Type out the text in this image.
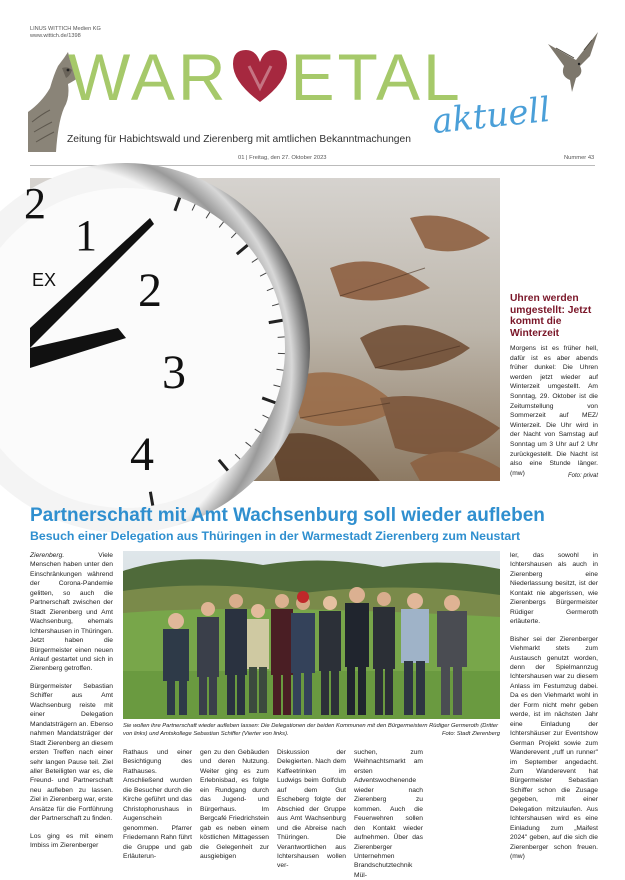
LINUS WITTICH Medien KG
www.wittich.de/1398
WAR ETAL
aktuell
Zeitung für Habichtswald und Zierenberg mit amtlichen Bekanntmachungen
01 | Freitag, den 27. Oktober 2023	Nummer 43
1
2
3
4
2
EX
Uhren werden umgestellt: Jetzt kommt die Winterzeit
Morgens ist es früher hell, dafür ist es aber abends früher dunkel: Die Uhren werden jetzt wieder auf Winterzeit umgestellt. Am Sonntag, 29. Oktober ist die Zeitumstellung von Sommerzeit auf MEZ/ Winterzeit. Die Uhr wird in der Nacht von Samstag auf Sonntag um 3 Uhr auf 2 Uhr zurückgestellt. Die Nacht ist also eine Stunde länger. (mw)	Foto: privat
Partnerschaft mit Amt Wachsenburg soll wieder aufleben
Besuch einer Delegation aus Thüringen in der Warmestadt Zierenberg zum Neustart

Zierenberg.	Viele Menschen haben unter den Einschränkungen während der Corona-Pandemie gelitten, so auch die Partnerschaft zwischen der Stadt Zierenberg und Amt Wachsenburg, ehemals Ichtershausen in Thüringen. Jetzt haben die Bürgermeister einen neuen Anlauf gestartet und sich in Zierenberg getroffen.

Bürgermeister Sebastian Schiffer aus Amt Wachsenburg reiste mit einer Delegation Mandatsträgern an. Ebenso nahmen Mandatsträger der Stadt Zierenberg an diesem ersten Treffen nach einer sehr langen Pause teil. Ziel aller Beteiligten war es, die Freund- und Partnerschaft neu aufleben zu lassen. Ziel in Zierenberg war, erste Ansätze für die Fortführung der Partnerschaft zu finden.

Los ging es mit einem Imbiss im Zierenberger

Sie wollen ihre Partnerschaft wieder aufleben lassen: Die Delegationen der beiden Kommunen mit den Bürgermeistern Rüdiger Germeroth (Dritter von links) und Amtskollege Sebastian Schiffer (Vierter von links).	Foto: Stadt Zierenberg
Rathaus und einer Besichtigung des Rathauses. Anschließend wurden die Besucher durch die Kirche geführt und das Christophorushaus in Augenschein genommen. Pfarrer Friedemann Rahn führt die Gruppe und gab Erläuterun-
gen zu den Gebäuden und deren Nutzung. Weiter ging es zum Erlebnisbad, es folgte ein Rundgang durch das Jugend- und Bürgerhaus. Im Bergcafé Friedrichstein gab es neben einem köstlichen Mittagessen die Gelegenheit zur ausgiebigen
Diskussion der Delegierten. Nach dem Kaffeetrinken im Ludwigs beim Golfclub auf dem Gut Escheberg folgte der Abschied der Gruppe aus Amt Wachsenburg und die Abreise nach Thüringen. Die Verantwortlichen aus Ichtershausen wollen ver-
suchen, zum Weihnachtsmarkt am ersten Adventswochenende wieder nach Zierenberg zu kommen. Auch die Feuerwehren sollen den Kontakt wieder aufnehmen. Über das Zierenberger Unternehmen Brandschutztechnik Mül-

ler, das sowohl in Ichtershausen als auch in Zierenberg eine Niederlassung besitzt, ist der Kontakt nie abgerissen, wie Zierenbergs Bürgermeister Rüdiger Germeroth erläuterte.

Bisher sei der Zierenberger Viehmarkt stets zum Austausch genutzt worden, denn der Spielmannzug Ichtershausen war zu diesem Anlass im Festumzug dabei. Da es den Viehmarkt wohl in der Form nicht mehr geben werde, ist im nächsten Jahr eine Einladung der Ichtershäuser zur Eventshow German Projekt sowie zum Wanderevent „ruff un runner" im September angedacht. Zum Wanderevent hat Bürgermeister Sebastian Schiffer schon die Zusage gegeben, mit einer Delegation mitzulaufen. Aus Ichtershausen wird es eine Einladung zum „Maifest 2024" geben, auf die sich die Zierenberger schon freuen. (mw)
